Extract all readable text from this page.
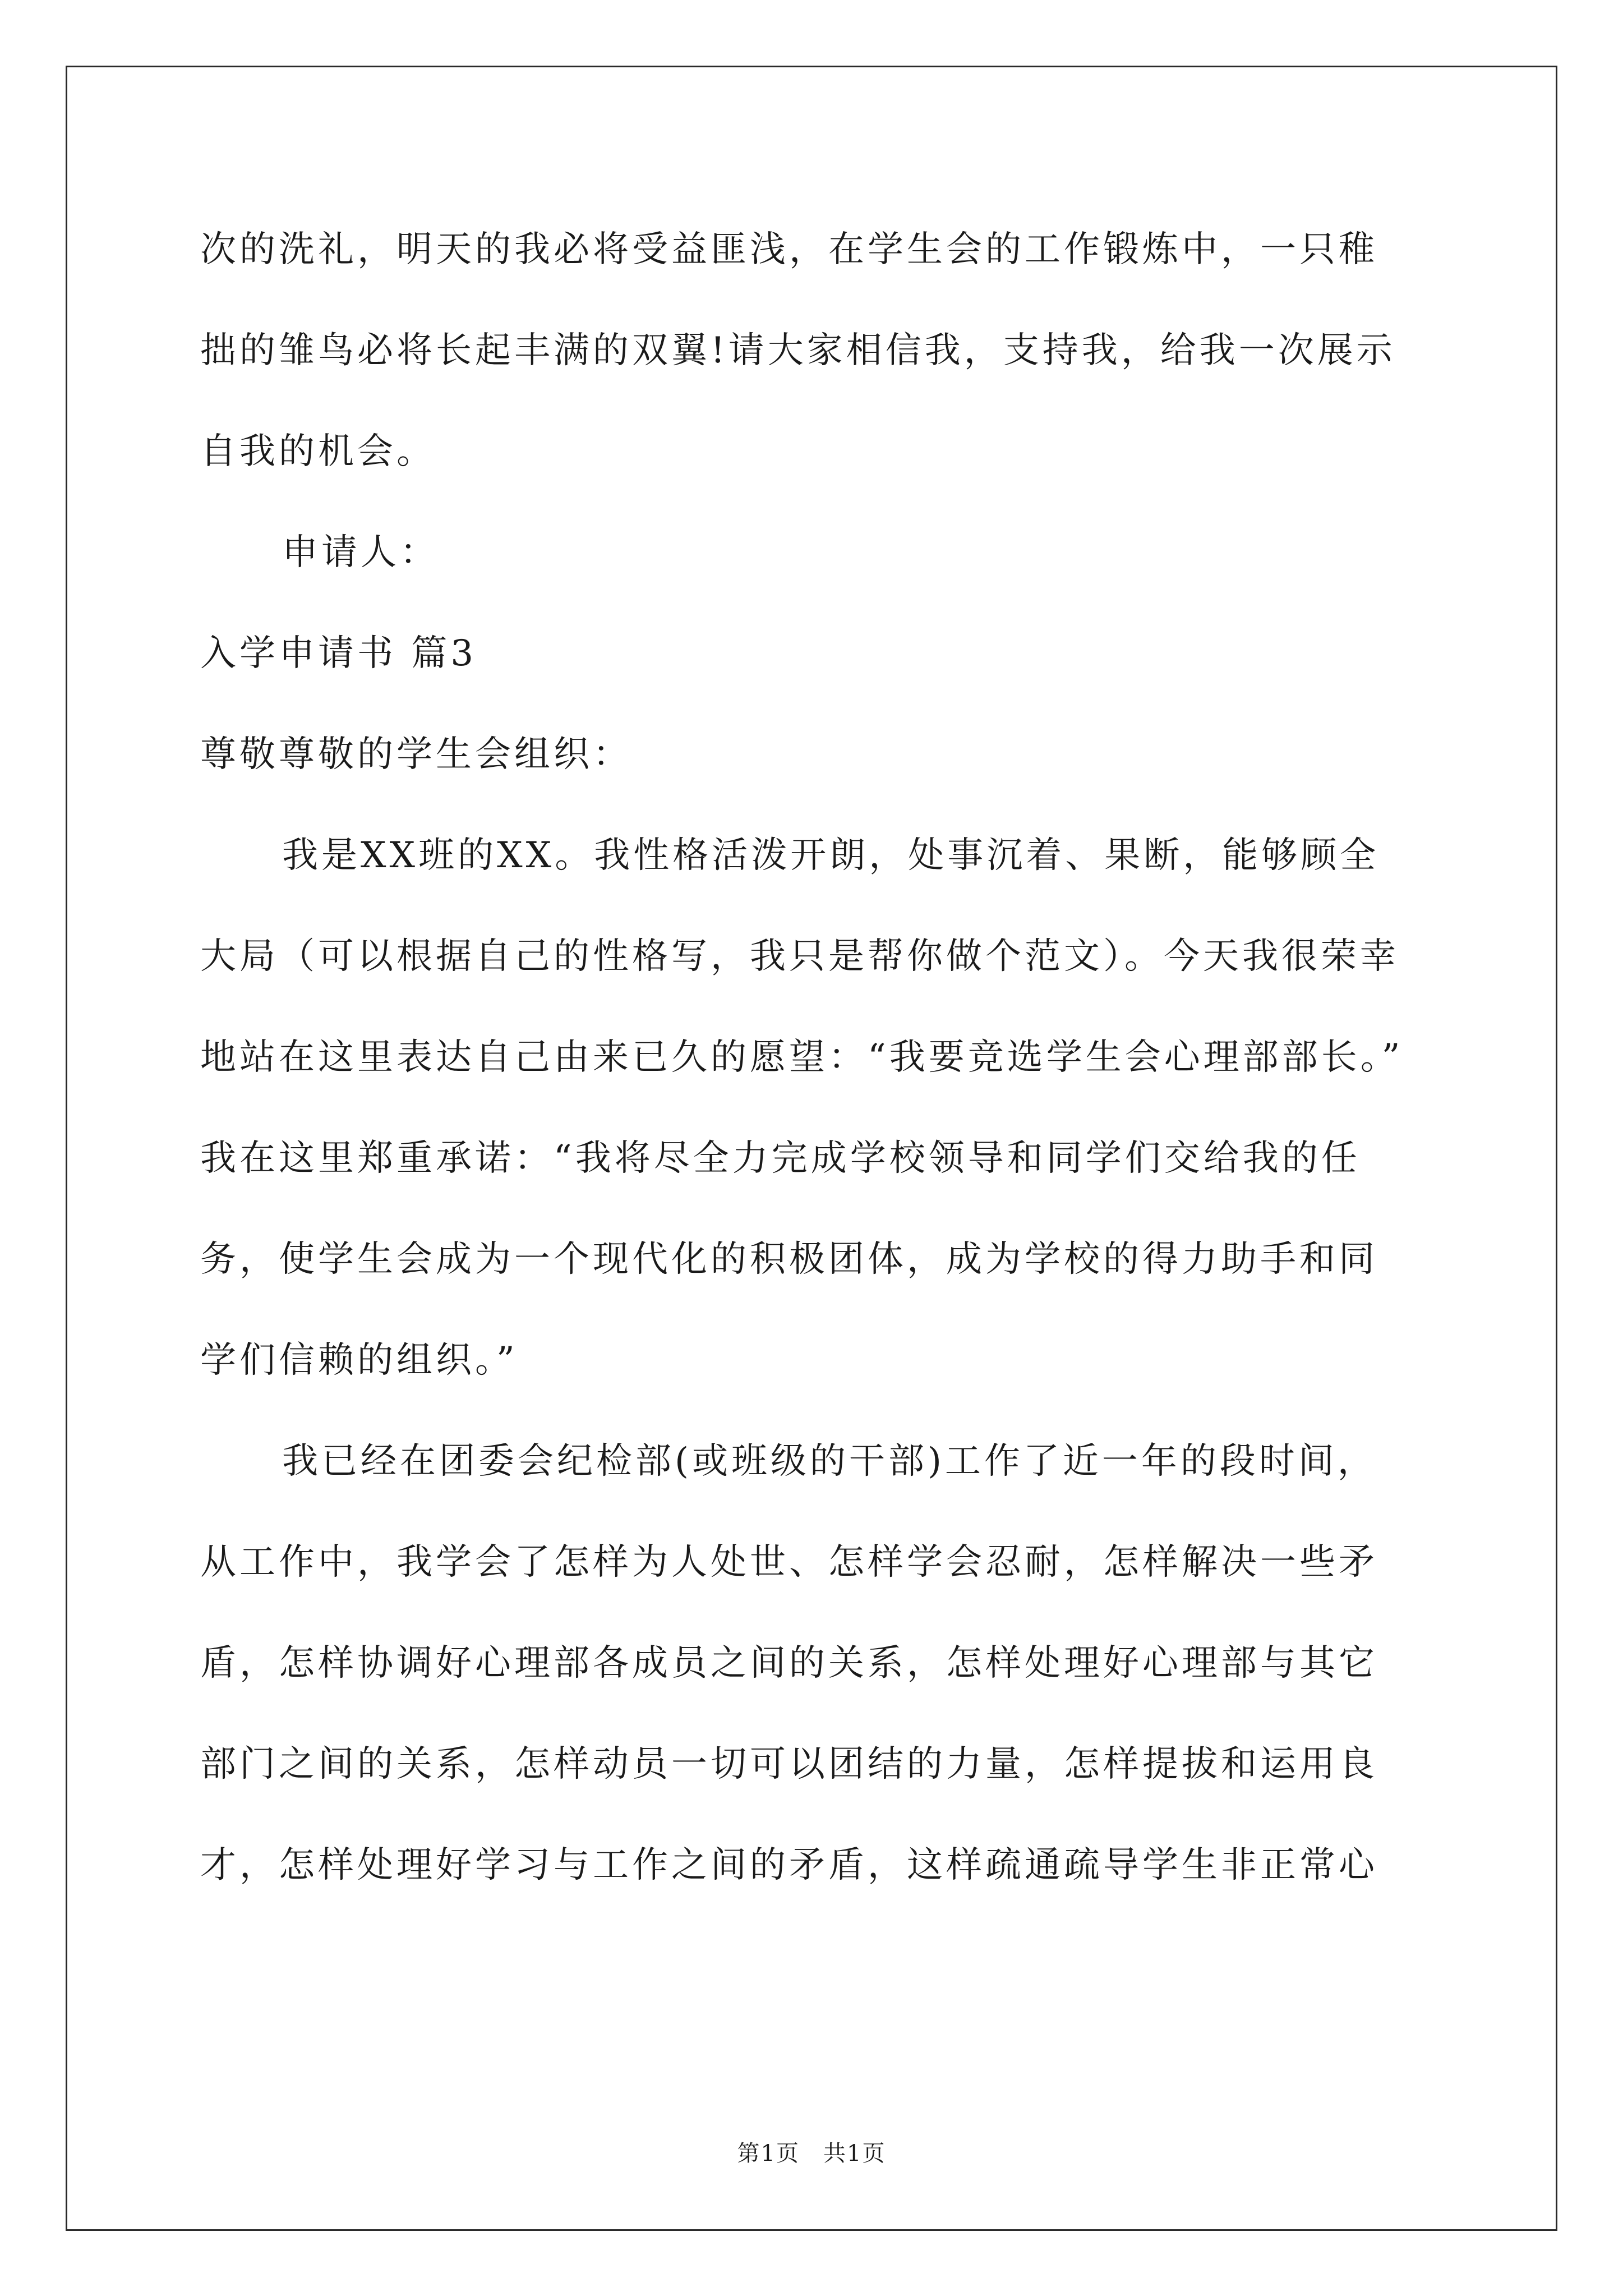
次的洗礼，明天的我必将受益匪浅，在学生会的工作锻炼中，一只稚
拙的雏鸟必将长起丰满的双翼!请大家相信我，支持我，给我一次展示
自我的机会。
申请人：
入学申请书 篇3
尊敬尊敬的学生会组织：
我是XX班的XX。我性格活泼开朗，处事沉着、果断，能够顾全
大局（可以根据自己的性格写，我只是帮你做个范文）。今天我很荣幸
地站在这里表达自己由来已久的愿望：“我要竞选学生会心理部部长。”
我在这里郑重承诺：“我将尽全力完成学校领导和同学们交给我的任
务，使学生会成为一个现代化的积极团体，成为学校的得力助手和同
学们信赖的组织。”
我已经在团委会纪检部(或班级的干部)工作了近一年的段时间，
从工作中，我学会了怎样为人处世、怎样学会忍耐，怎样解决一些矛
盾，怎样协调好心理部各成员之间的关系，怎样处理好心理部与其它
部门之间的关系，怎样动员一切可以团结的力量，怎样提拔和运用良
才，怎样处理好学习与工作之间的矛盾，这样疏通疏导学生非正常心
第1页　共1页
